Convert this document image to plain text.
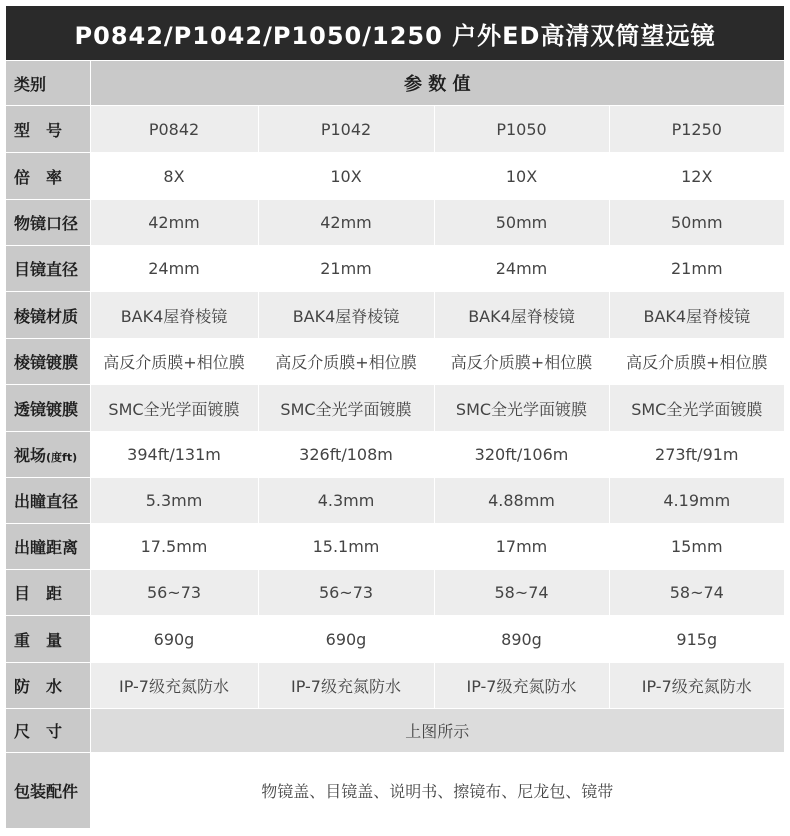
P0842/P1042/P1050/1250 户外ED高清双筒望远镜
类别	参 数 值			
型　号	P0842	P1042	P1050	P1250
倍　率	8X	10X	10X	12X
物镜口径	42mm	42mm	50mm	50mm
目镜直径	24mm	21mm	24mm	21mm
棱镜材质	BAK4屋脊棱镜	BAK4屋脊棱镜	BAK4屋脊棱镜	BAK4屋脊棱镜
棱镜镀膜	高反介质膜+相位膜	高反介质膜+相位膜	高反介质膜+相位膜	高反介质膜+相位膜
透镜镀膜	SMC全光学面镀膜	SMC全光学面镀膜	SMC全光学面镀膜	SMC全光学面镀膜
视场(度ft)	394ft/131m	326ft/108m	320ft/106m	273ft/91m
出瞳直径	5.3mm	4.3mm	4.88mm	4.19mm
出瞳距离	17.5mm	15.1mm	17mm	15mm
目　距	56~73	56~73	58~74	58~74
重　量	690g	690g	890g	915g
防　水	IP-7级充氮防水	IP-7级充氮防水	IP-7级充氮防水	IP-7级充氮防水
尺　寸	上图所示			
包装配件	物镜盖、目镜盖、说明书、擦镜布、尼龙包、镜带			
